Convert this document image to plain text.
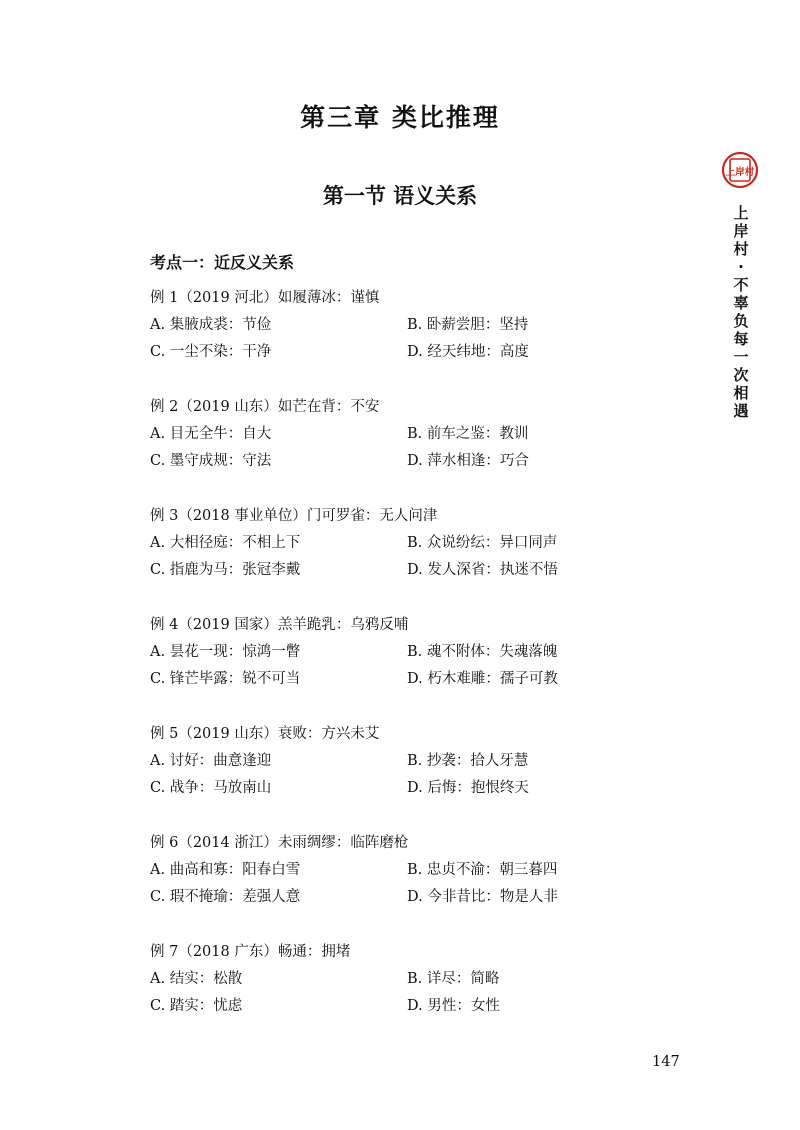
第三章 类比推理
第一节 语义关系
考点一：近反义关系
例 1（2019 河北）如履薄冰：谨慎
A. 集腋成裘：节俭	B. 卧薪尝胆：坚持
C. 一尘不染：干净	D. 经天纬地：高度
例 2（2019 山东）如芒在背：不安
A. 目无全牛：自大	B. 前车之鉴：教训
C. 墨守成规：守法	D. 萍水相逢：巧合
例 3（2018 事业单位）门可罗雀：无人问津
A. 大相径庭：不相上下	B. 众说纷纭：异口同声
C. 指鹿为马：张冠李戴	D. 发人深省：执迷不悟
例 4（2019 国家）羔羊跪乳：乌鸦反哺
A. 昙花一现：惊鸿一瞥	B. 魂不附体：失魂落魄
C. 锋芒毕露：锐不可当	D. 朽木难雕：孺子可教
例 5（2019 山东）衰败：方兴未艾
A. 讨好：曲意逢迎	B. 抄袭：拾人牙慧
C. 战争：马放南山	D. 后悔：抱恨终天
例 6（2014 浙江）未雨绸缪：临阵磨枪
A. 曲高和寡：阳春白雪	B. 忠贞不渝：朝三暮四
C. 瑕不掩瑜：差强人意	D. 今非昔比：物是人非
例 7（2018 广东）畅通：拥堵
A. 结实：松散	B. 详尽：简略
C. 踏实：忧虑	D. 男性：女性
147
上岸村
上
岸
村
·
不
辜
负
每
一
次
相
遇
